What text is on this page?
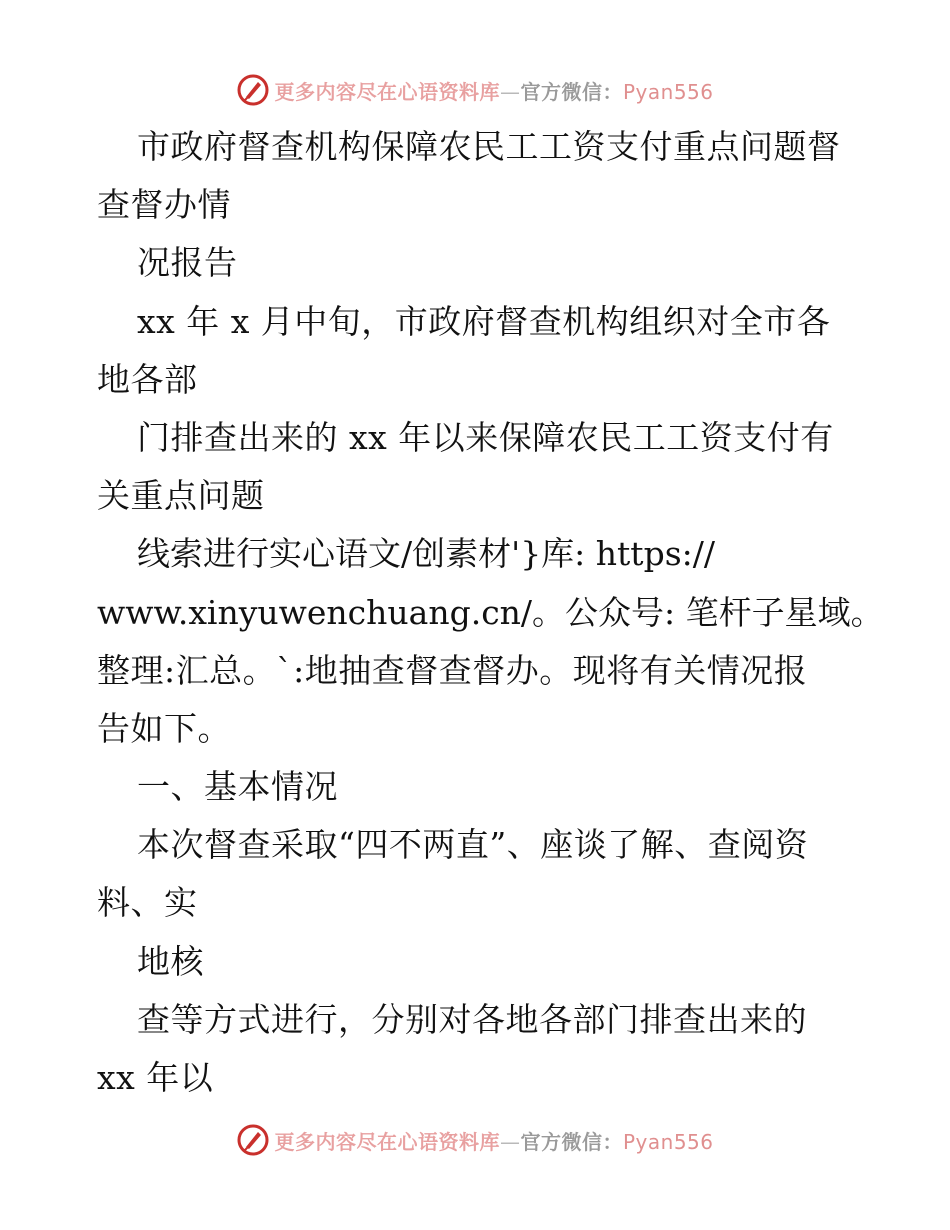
更多内容尽在心语资料库—官方微信：Pyan556
市政府督查机构保障农民工工资支付重点问题督
查督办情
况报告
xx 年 x 月中旬，市政府督查机构组织对全市各
地各部
门排查出来的 xx 年以来保障农民工工资支付有
关重点问题
线索进行实心语文/创素材'}库: https://
www.xinyuwenchuang.cn/。公众号: 笔杆子星域。
整理:汇总。`:地抽查督查督办。现将有关情况报
告如下。
一、基本情况
本次督查采取“四不两直”、座谈了解、查阅资
料、实
地核
查等方式进行，分别对各地各部门排查出来的
xx 年以
更多内容尽在心语资料库—官方微信：Pyan556
